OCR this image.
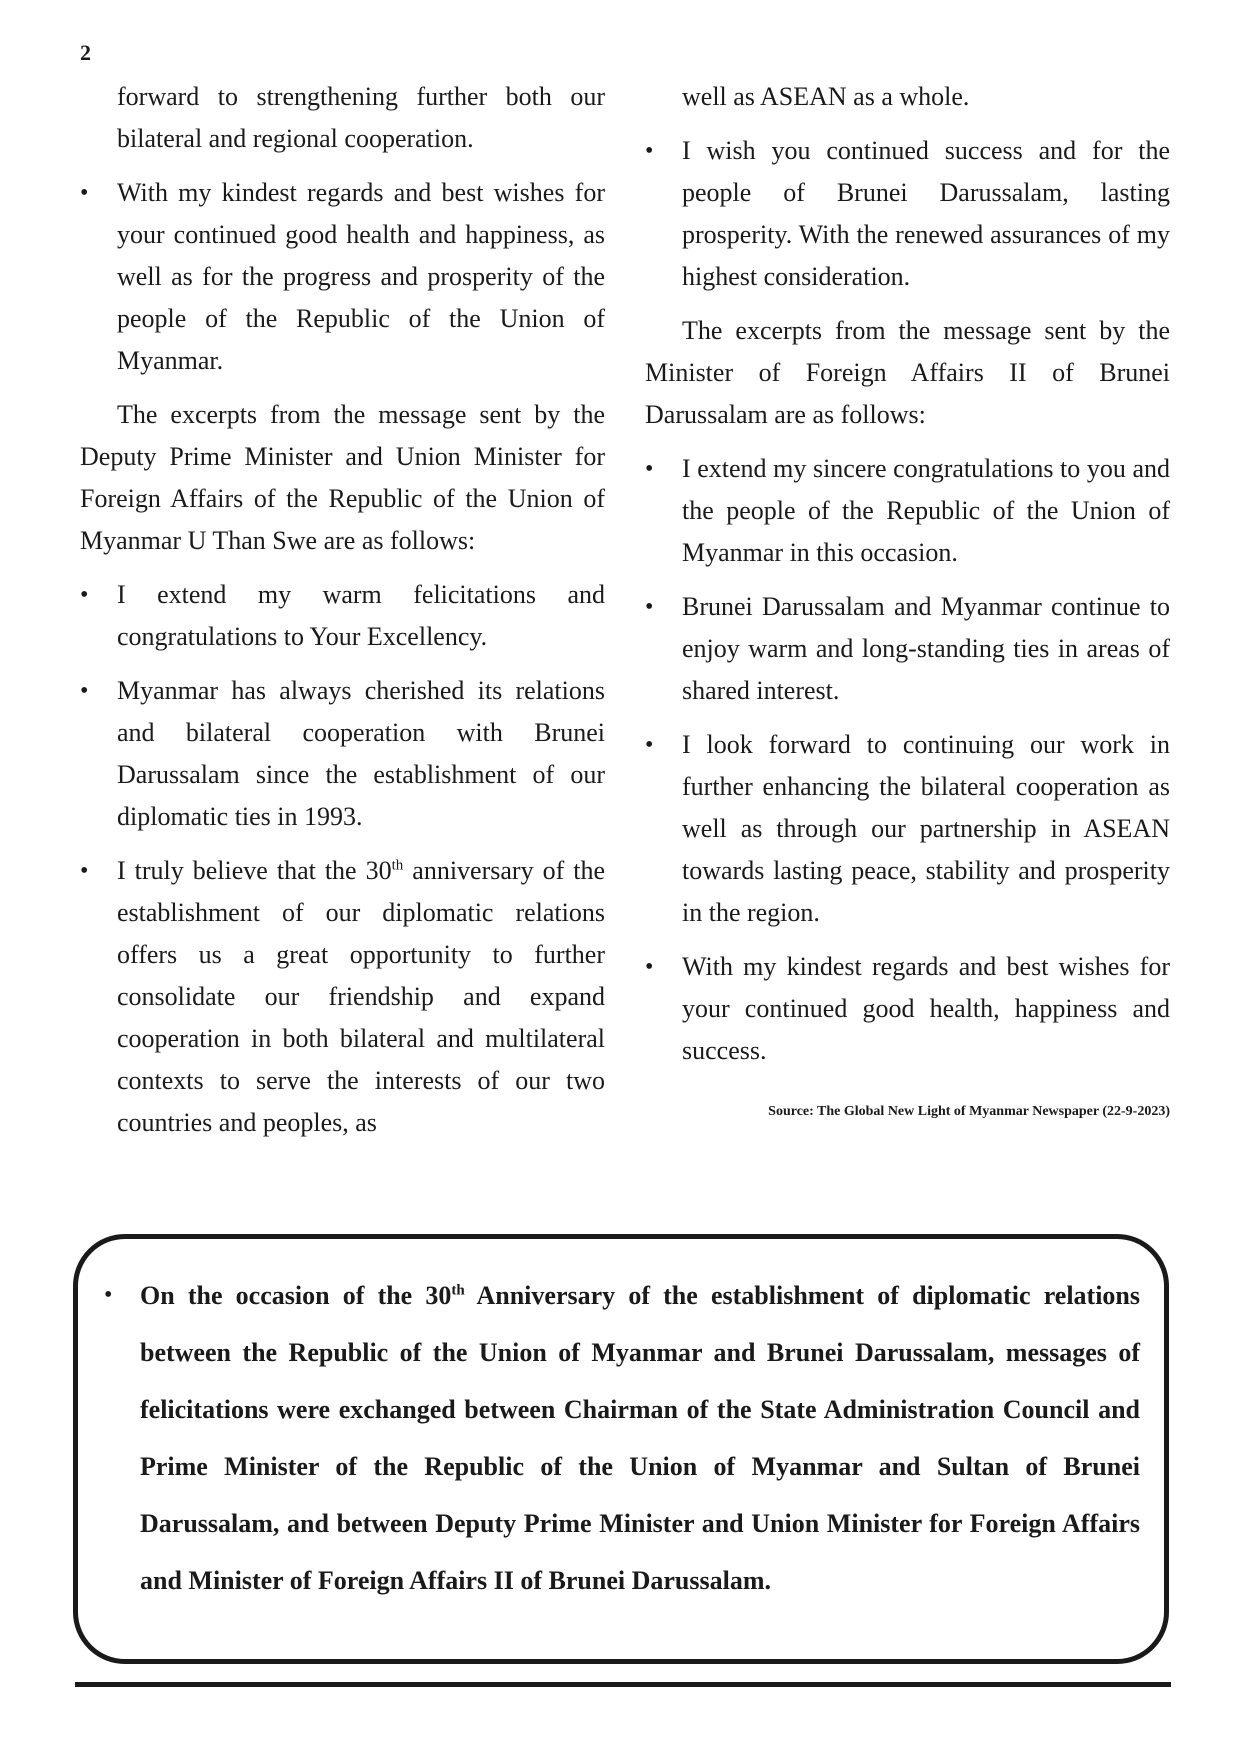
2

forward to strengthening further both our bilateral and regional cooperation.

• With my kindest regards and best wishes for your continued good health and happiness, as well as for the progress and prosperity of the people of the Republic of the Union of Myanmar.

The excerpts from the message sent by the Deputy Prime Minister and Union Minister for Foreign Affairs of the Republic of the Union of Myanmar U Than Swe are as follows:

• I extend my warm felicitations and congratulations to Your Excellency.
• Myanmar has always cherished its relations and bilateral cooperation with Brunei Darussalam since the establishment of our diplomatic ties in 1993.
• I truly believe that the 30th anniversary of the establishment of our diplomatic relations offers us a great opportunity to further consolidate our friendship and expand cooperation in both bilateral and multilateral contexts to serve the interests of our two countries and peoples, as

well as ASEAN as a whole.

• I wish you continued success and for the people of Brunei Darussalam, lasting prosperity. With the renewed assurances of my highest consideration.

The excerpts from the message sent by the Minister of Foreign Affairs II of Brunei Darussalam are as follows:

• I extend my sincere congratulations to you and the people of the Republic of the Union of Myanmar in this occasion.
• Brunei Darussalam and Myanmar continue to enjoy warm and long-standing ties in areas of shared interest.
• I look forward to continuing our work in further enhancing the bilateral cooperation as well as through our partnership in ASEAN towards lasting peace, stability and prosperity in the region.
• With my kindest regards and best wishes for your continued good health, happiness and success.

Source: The Global New Light of Myanmar Newspaper (22-9-2023)

• On the occasion of the 30th Anniversary of the establishment of diplomatic relations between the Republic of the Union of Myanmar and Brunei Darussalam, messages of felicitations were exchanged between Chairman of the State Administration Council and Prime Minister of the Republic of the Union of Myanmar and Sultan of Brunei Darussalam, and between Deputy Prime Minister and Union Minister for Foreign Affairs and Minister of Foreign Affairs II of Brunei Darussalam.
